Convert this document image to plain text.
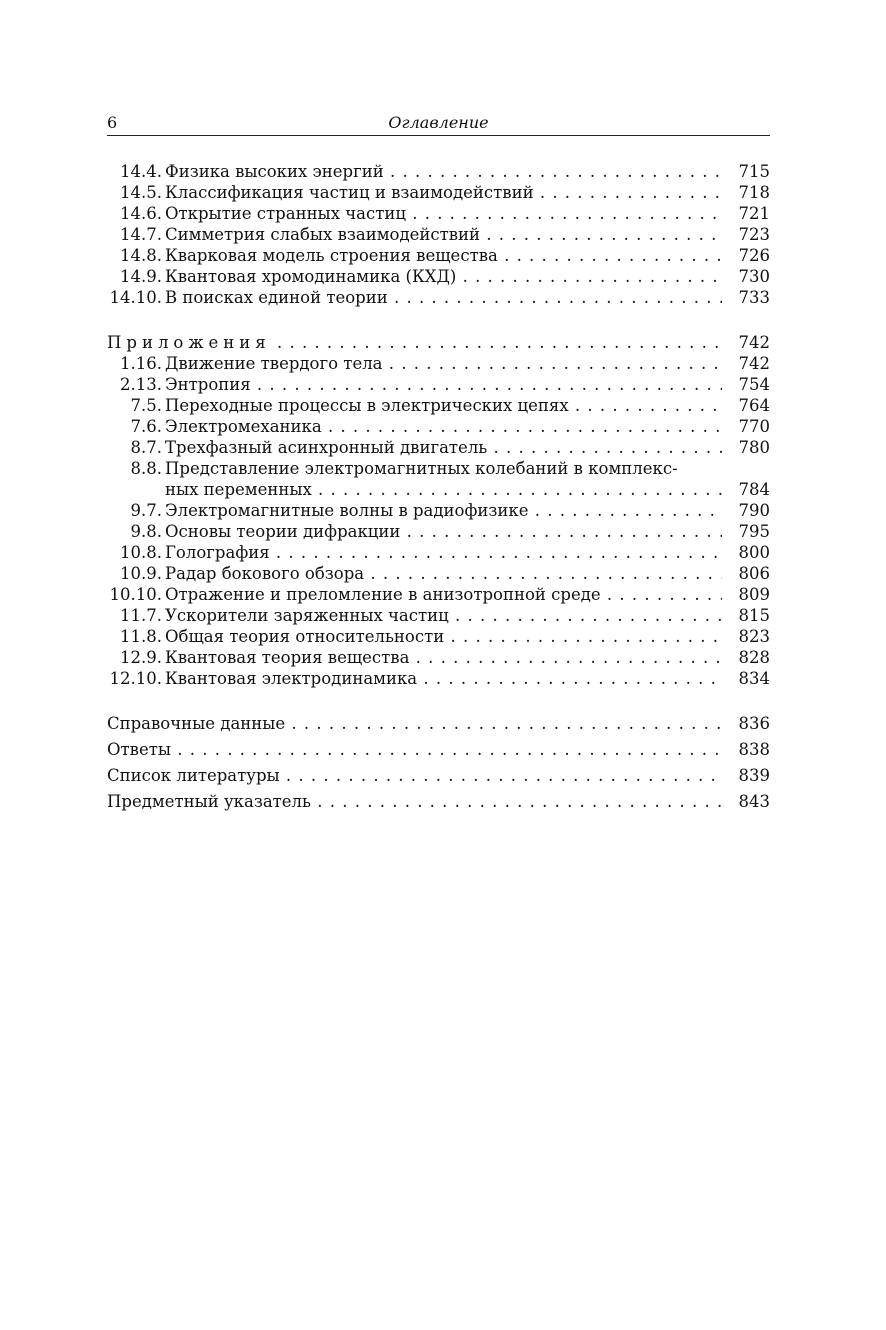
6	Оглавление
14.4. Физика высоких энергий . . .	715
14.5. Классификация частиц и взаимодействий . . .	718
14.6. Открытие странных частиц . . .	721
14.7. Симметрия слабых взаимодействий . . .	723
14.8. Кварковая модель строения вещества . . .	726
14.9. Квантовая хромодинамика (КХД) . . .	730
14.10. В поисках единой теории . . .	733
Приложения . . .	742
1.16. Движение твердого тела . . .	742
2.13. Энтропия . . .	754
7.5. Переходные процессы в электрических цепях . . .	764
7.6. Электромеханика . . .	770
8.7. Трехфазный асинхронный двигатель . . .	780
8.8. Представление электромагнитных колебаний в комплекс-
ных переменных . . .	784
9.7. Электромагнитные волны в радиофизике . . .	790
9.8. Основы теории дифракции . . .	795
10.8. Голография . . .	800
10.9. Радар бокового обзора . . .	806
10.10. Отражение и преломление в анизотропной среде . . .	809
11.7. Ускорители заряженных частиц . . .	815
11.8. Общая теория относительности . . .	823
12.9. Квантовая теория вещества . . .	828
12.10. Квантовая электродинамика . . .	834
Справочные данные . . .	836
Ответы . . .	838
Список литературы . . .	839
Предметный указатель . . .	843
